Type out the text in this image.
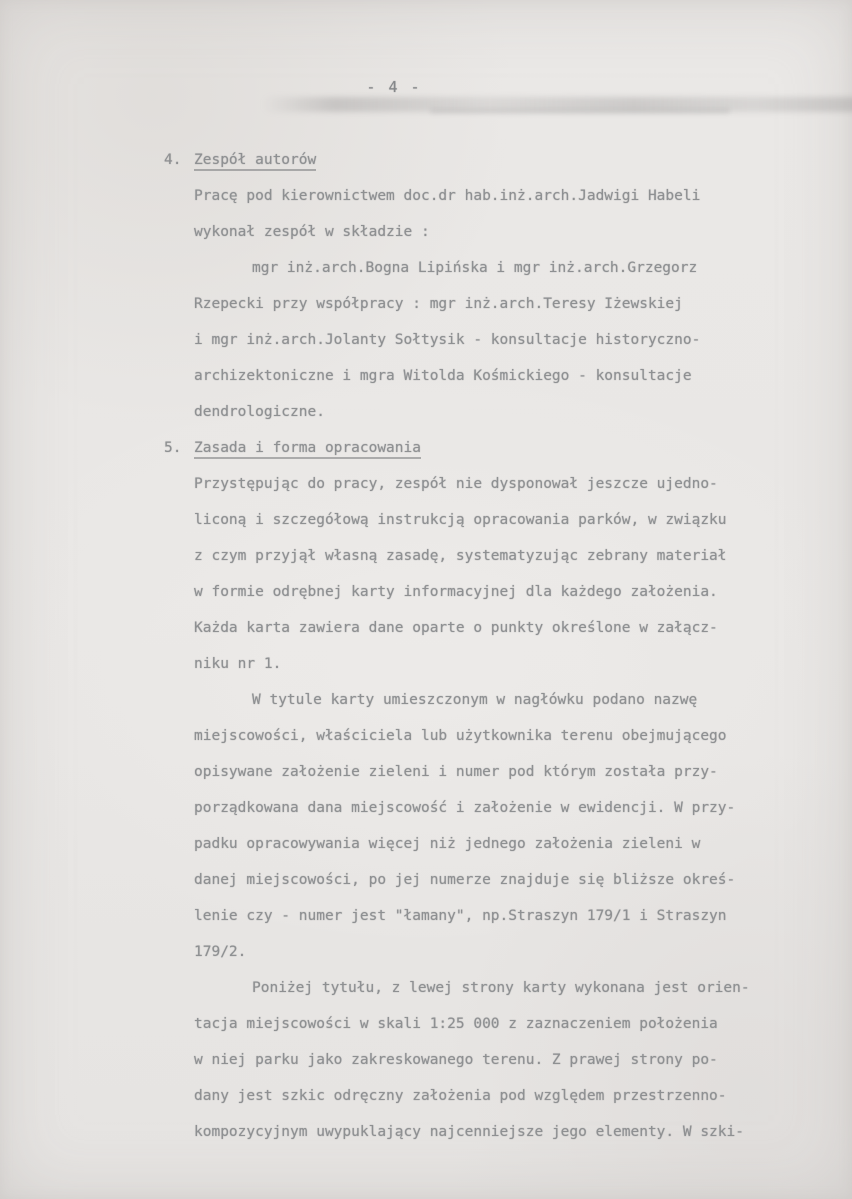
- 4 -
4. Zespół autorów
Pracę pod kierownictwem doc.dr hab.inż.arch.Jadwigi Habeli
wykonał zespół w składzie :
mgr inż.arch.Bogna Lipińska i mgr inż.arch.Grzegorz
Rzepecki przy współpracy : mgr inż.arch.Teresy Iżewskiej
i mgr inż.arch.Jolanty Sołtysik - konsultacje historyczno-
archizektoniczne i mgra Witolda Kośmickiego - konsultacje
dendrologiczne.
5. Zasada i forma opracowania
Przystępując do pracy, zespół nie dysponował jeszcze ujedno-
liconą i szczegółową instrukcją opracowania parków, w związku
z czym przyjął własną zasadę, systematyzując zebrany materiał
w formie odrębnej karty informacyjnej dla każdego założenia.
Każda karta zawiera dane oparte o punkty określone w załącz-
niku nr 1.
W tytule karty umieszczonym w nagłówku podano nazwę
miejscowości, właściciela lub użytkownika terenu obejmującego
opisywane założenie zieleni i numer pod którym została przy-
porządkowana dana miejscowość i założenie w ewidencji. W przy-
padku opracowywania więcej niż jednego założenia zieleni w
danej miejscowości, po jej numerze znajduje się bliższe okreś-
lenie czy - numer jest "łamany", np.Straszyn 179/1 i Straszyn
179/2.
Poniżej tytułu, z lewej strony karty wykonana jest orien-
tacja miejscowości w skali 1:25 000 z zaznaczeniem położenia
w niej parku jako zakreskowanego terenu. Z prawej strony po-
dany jest szkic odręczny założenia pod względem przestrzenno-
kompozycyjnym uwypuklający najcenniejsze jego elementy. W szki-
